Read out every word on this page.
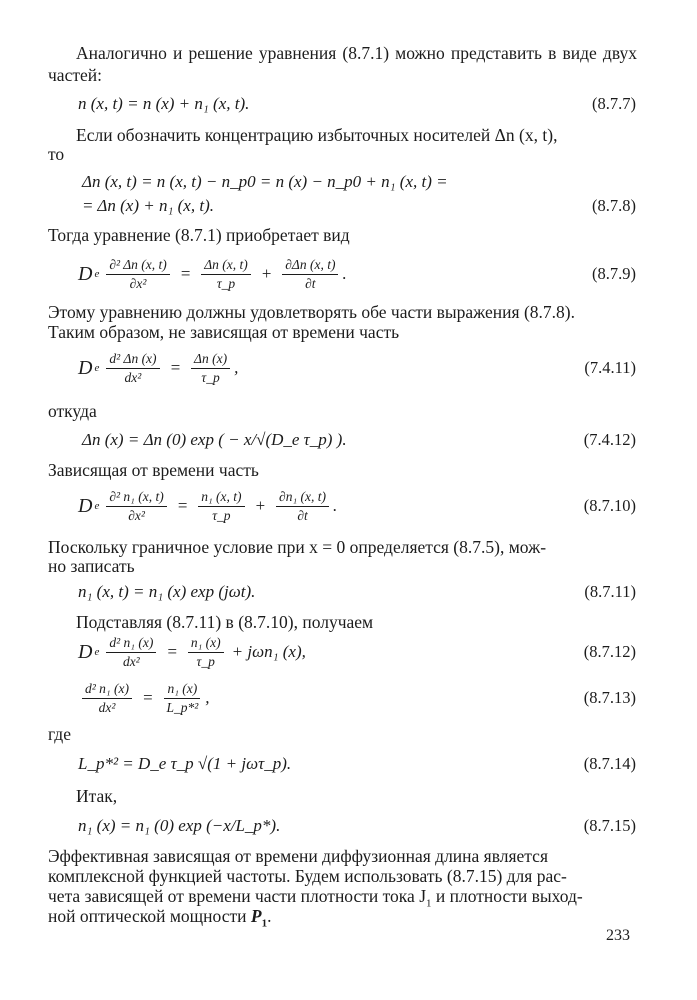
Аналогично и решение уравнения (8.7.1) можно представить в виде двух частей:

n (x, t) = n (x) + n₁ (x, t).	(8.7.7)

Если обозначить концентрацию избыточных носителей Δn (x, t),

то

Δn (x, t) = n (x, t) − n_p0 = n (x) − n_p0 + n₁ (x, t) =
= Δn (x) + n₁ (x, t).	(8.7.8)

Тогда уравнение (8.7.1) приобретает вид

D e $\frac{\text{∂² Δn (x, t)}}{\text{∂x²}} = \frac{\Delta n (x, t)}{\tau\_p} + \frac{\partial\Delta n (x, t)}{\partial t}$ .	(8.7.9)

Этому уравнению должны удовлетворять обе части выражения (8.7.8).

Таким образом, не зависящая от времени часть

D e $\frac{\text{d² Δn (x)}}{\text{dx²}} = \frac{\Delta n (x)}{\tau\_p}$ ,	(7.4.11)

откуда

Δn (x) = Δn (0) exp ( − x/√(D_e τ_p) ).	(7.4.12)

Зависящая от времени часть

D e $\frac{\text{∂² n₁ (x, t)}}{\text{∂x²}} = \frac{\text{n₁ (x, t)}}{\tau\_p} + \frac{\text{∂n₁ (x, t)}}{\partial t}$ .	(8.7.10)

Поскольку граничное условие при x = 0 определяется (8.7.5), мож-

но записать

n₁ (x, t) = n₁ (x) exp (jωt).	(8.7.11)

Подставляя (8.7.11) в (8.7.10), получаем

D e $\frac{\text{d² n₁ (x)}}{\text{dx²}} = \frac{\text{n₁ (x)}}{\tau\_p} + j\omega n_1$ (x),	(8.7.12)
$\frac{\text{d² n₁ (x)}}{\text{dx²}} = \frac{\text{n₁ (x)}}{\text{L\_p*²}}$ ,	(8.7.13)

где

L_p*² = D_e τ_p √(1 + jωτ_p).	(8.7.14)

Итак,

n₁ (x) = n₁ (0) exp (−x/L_p*).	(8.7.15)

Эффективная зависящая от времени диффузионная длина является

комплексной функцией частоты. Будем использовать (8.7.15) для рас-

чета зависящей от времени части плотности тока $J_1$ и плотности выход-

ной оптической мощности $P_1$.

233
